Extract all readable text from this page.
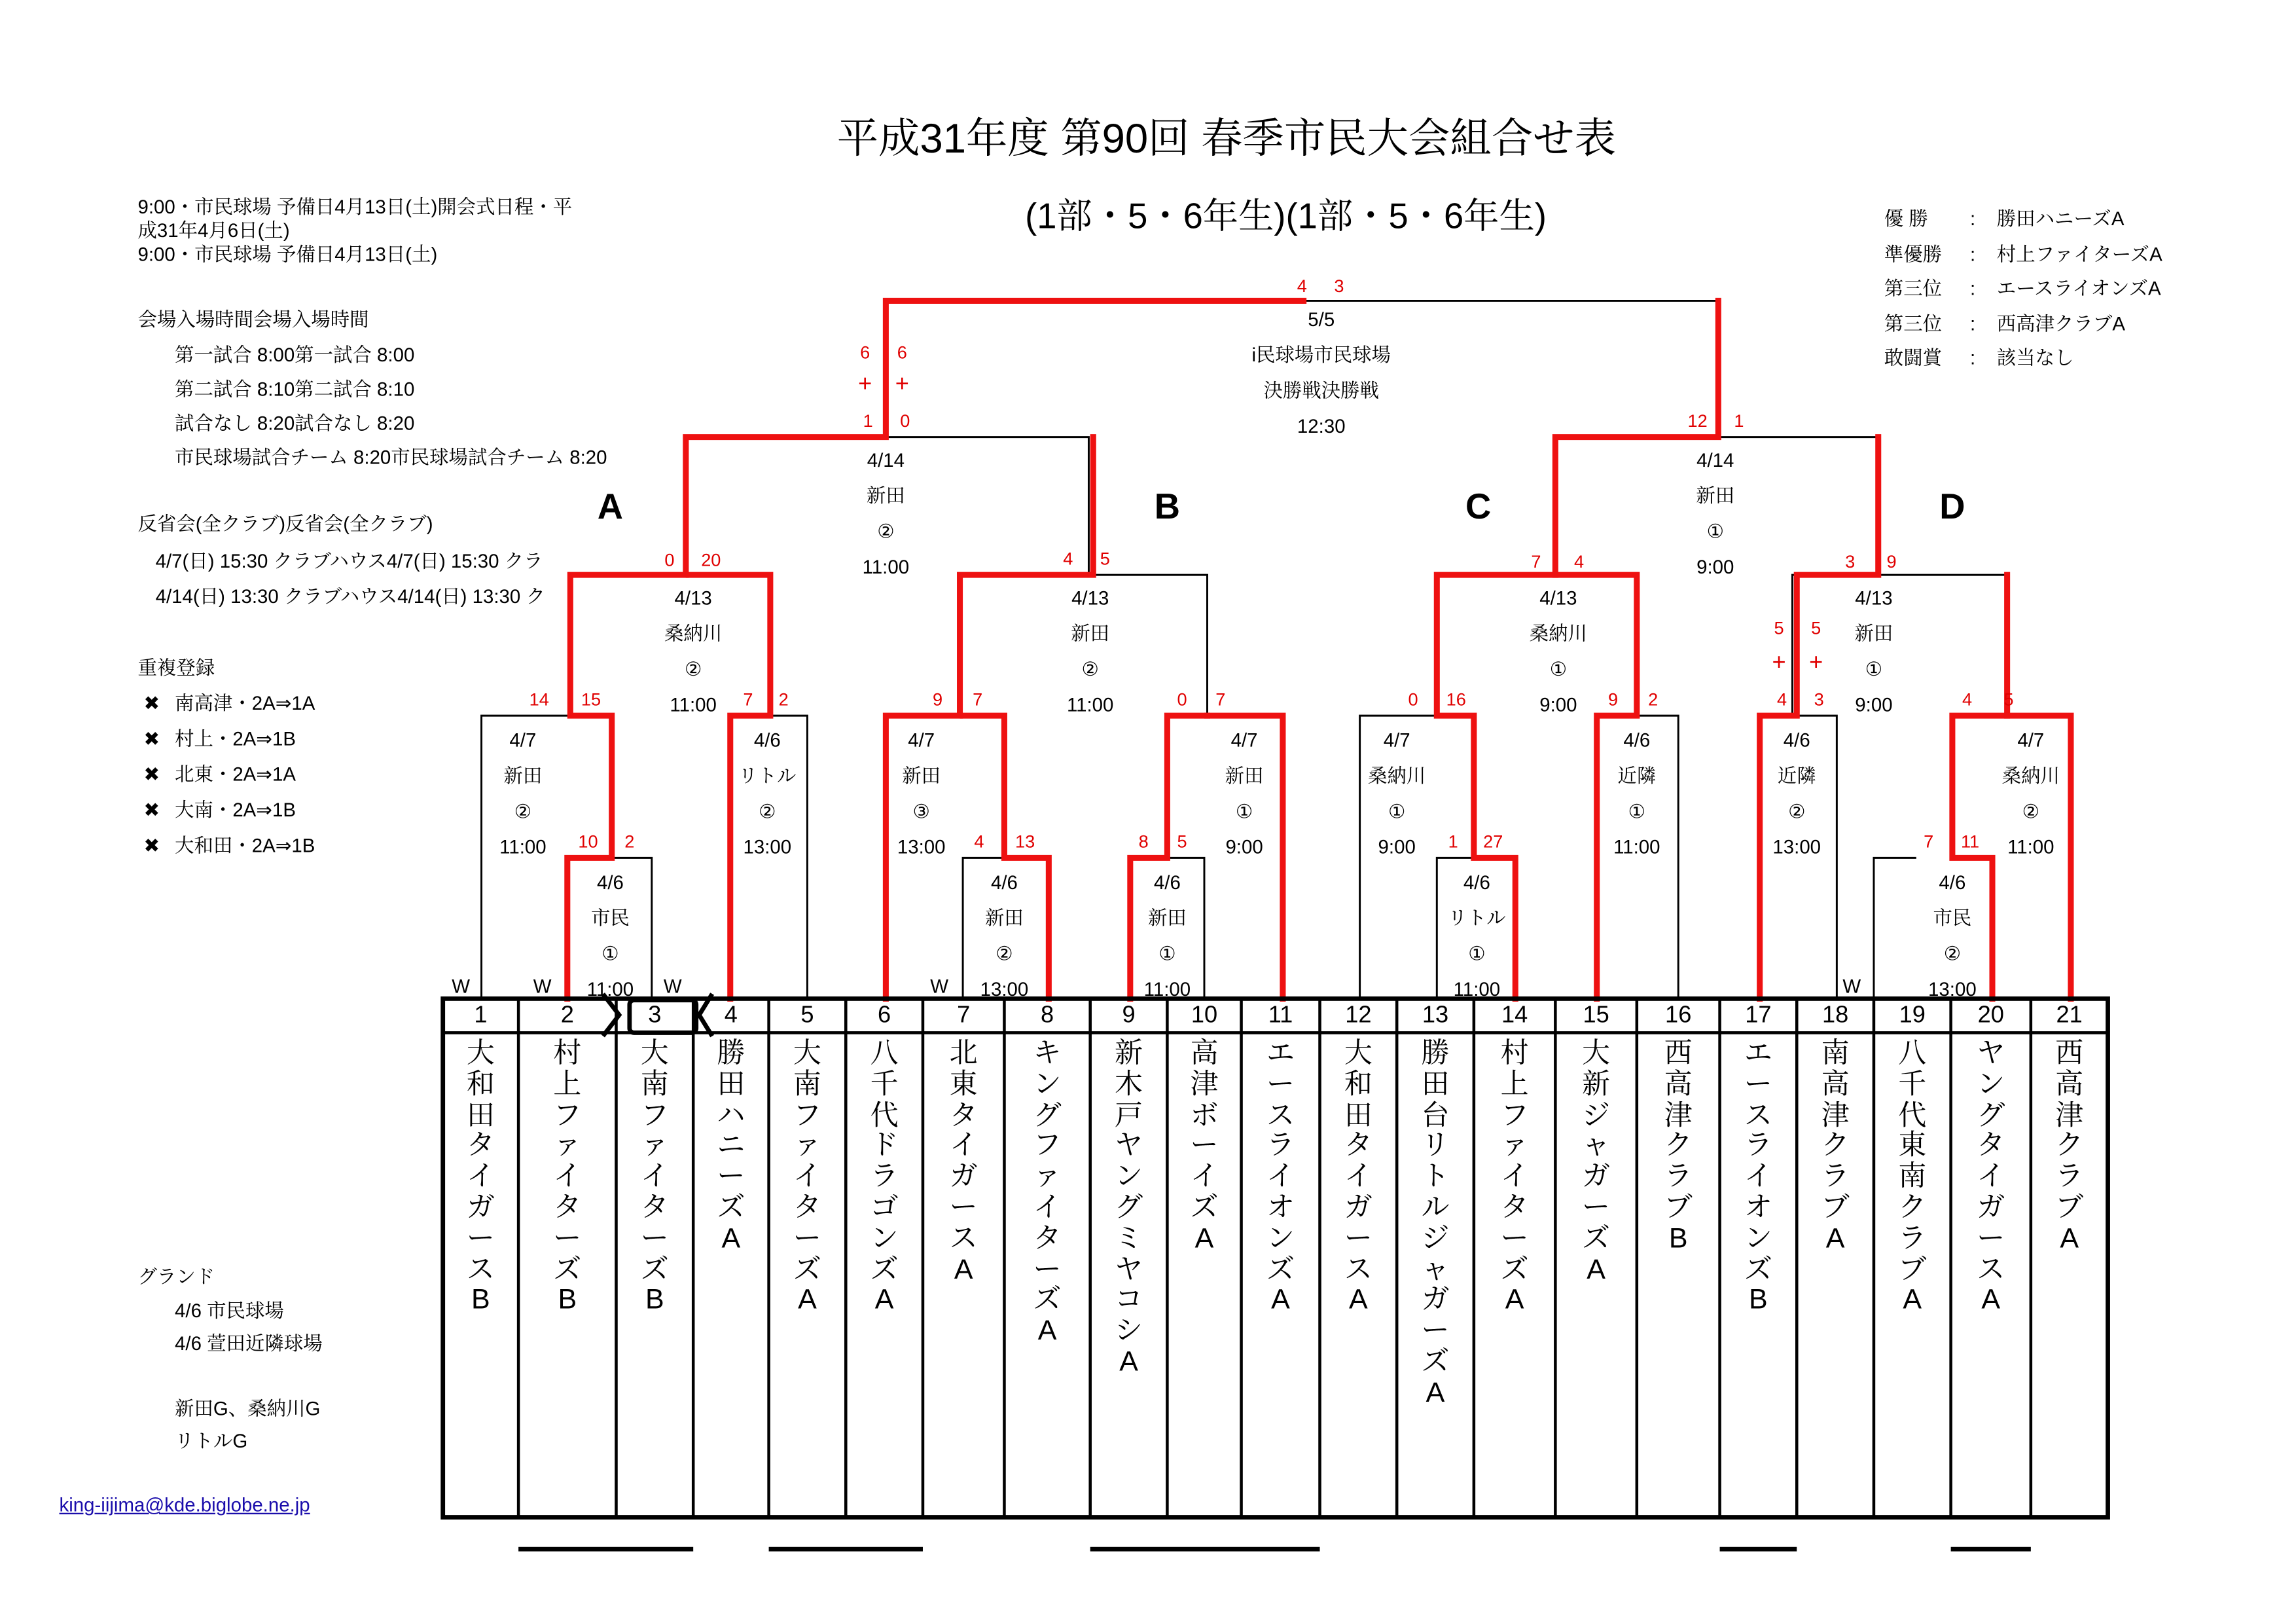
平成31年度 第90回 春季市民大会組合せ表
(1部・5・6年生)(1部・5・6年生)
9:00・市民球場 予備日4月13日(土)開会式日程・平
成31年4月6日(土)
9:00・市民球場 予備日4月13日(土)
会場入場時間会場入場時間
第一試合 8:00第一試合 8:00
第二試合 8:10第二試合 8:10
試合なし 8:20試合なし 8:20
市民球場試合チーム 8:20市民球場試合チーム 8:20
反省会(全クラブ)反省会(全クラブ)
4/7(日) 15:30 クラブハウス4/7(日) 15:30 クラ
4/14(日) 13:30 クラブハウス4/14(日) 13:30 ク
重複登録
✖ 南高津・2A⇒1A
✖ 村上・2A⇒1B
✖ 北東・2A⇒1A
✖ 大南・2A⇒1B
✖ 大和田・2A⇒1B
グランド
4/6 市民球場
4/6 萱田近隣球場
新田G、桑納川G
リトルG
king-iijima@kde.biglobe.ne.jp
優 勝	:	勝田ハニーズA
準優勝	:	村上ファイターズA
第三位	:	エースライオンズA
第三位	:	西高津クラブA
敢闘賞	:	該当なし
A	B	C	D
5/5
i民球場市民球場
決勝戦決勝戦
12:30
4/14
新田
②
11:00
4/14
新田
①
9:00
4/13
桑納川
②
11:00
4/13
新田
②
11:00
4/13
桑納川
①
9:00
4/13
新田
①
9:00
4/7
新田
②
11:00
4/6
リトル
②
13:00
4/7
新田
③
13:00
4/7
新田
①
9:00
4/7
桑納川
①
9:00
4/6
近隣
①
11:00
4/6
近隣
②
13:00
4/7
桑納川
②
11:00
4/6
市民
①
11:00
4/6
新田
②
13:00
4/6
新田
①
11:00
4/6
リトル
①
11:00
4/6
市民
②
13:00
4	3
1	0	12	1
0	20	4	5	7	4	3	9
14	15	7	2	9	7	0	7	0	16	9	2	4	3	4	5
10	2	4	13	8	5	1	27	7	11
6	6
5	5
+	+
+	+
W	W	W	W	W
1
大和田タイガースB
2
村上ファイターズB
3
大南ファイターズB
4
勝田ハニーズA
5
大南ファイターズA
6
八千代ドラゴンズA
7
北東タイガースA
8
キングファイターズA
9
新木戸ヤングミヤコシA
10
高津ボーイズA
11
エースライオンズA
12
大和田タイガースA
13
勝田台リトルジャガーズA
14
村上ファイターズA
15
大新ジャガーズA
16
西高津クラブB
17
エースライオンズB
18
南高津クラブA
19
八千代東南クラブA
20
ヤングタイガースA
21
西高津クラブA
